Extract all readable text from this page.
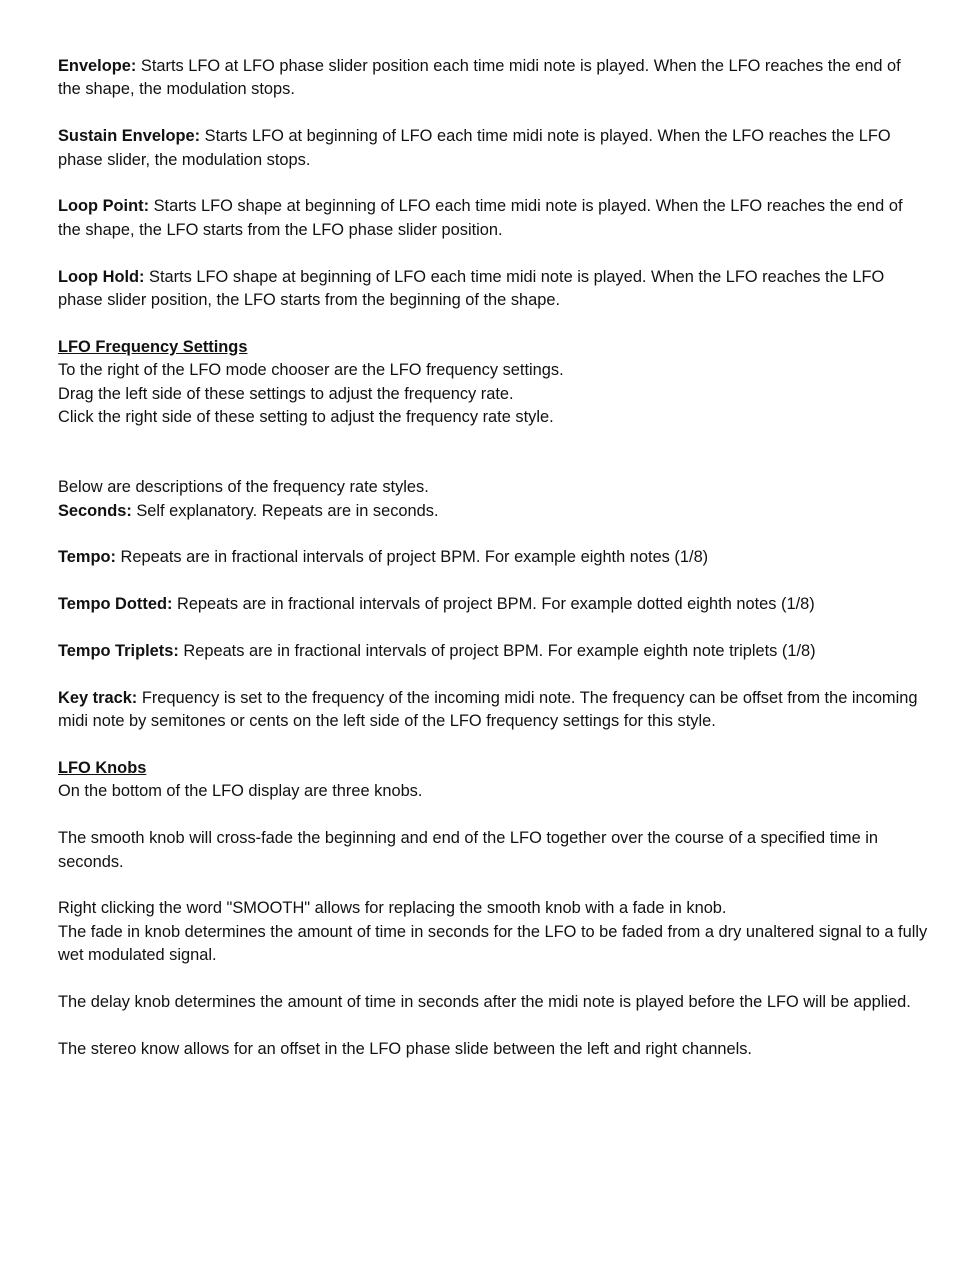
Envelope: Starts LFO at LFO phase slider position each time midi note is played. When the LFO reaches the end of the shape, the modulation stops.

Sustain Envelope: Starts LFO at beginning of LFO each time midi note is played. When the LFO reaches the LFO phase slider, the modulation stops.

Loop Point: Starts LFO shape at beginning of LFO each time midi note is played. When the LFO reaches the end of the shape, the LFO starts from the LFO phase slider position.

Loop Hold: Starts LFO shape at beginning of LFO each time midi note is played. When the LFO reaches the LFO phase slider position, the LFO starts from the beginning of the shape.

LFO Frequency Settings

To the right of the LFO mode chooser are the LFO frequency settings.

Drag the left side of these settings to adjust the frequency rate.

Click the right side of these setting to adjust the frequency rate style.

Below are descriptions of the frequency rate styles.

Seconds: Self explanatory. Repeats are in seconds.

Tempo: Repeats are in fractional intervals of project BPM. For example eighth notes (1/8)

Tempo Dotted: Repeats are in fractional intervals of project BPM. For example dotted eighth notes (1/8)

Tempo Triplets: Repeats are in fractional intervals of project BPM. For example eighth note triplets (1/8)

Key track: Frequency is set to the frequency of the incoming midi note. The frequency can be offset from the incoming midi note by semitones or cents on the left side of the LFO frequency settings for this style.

LFO Knobs

On the bottom of the LFO display are three knobs.

The smooth knob will cross-fade the beginning and end of the LFO together over the course of a specified time in seconds.

Right clicking the word "SMOOTH" allows for replacing the smooth knob with a fade in knob.

The fade in knob determines the amount of time in seconds for the LFO to be faded from a dry unaltered signal to a fully wet modulated signal.

The delay knob determines the amount of time in seconds after the midi note is played before the LFO will be applied.

The stereo know allows for an offset in the LFO phase slide between the left and right channels.
